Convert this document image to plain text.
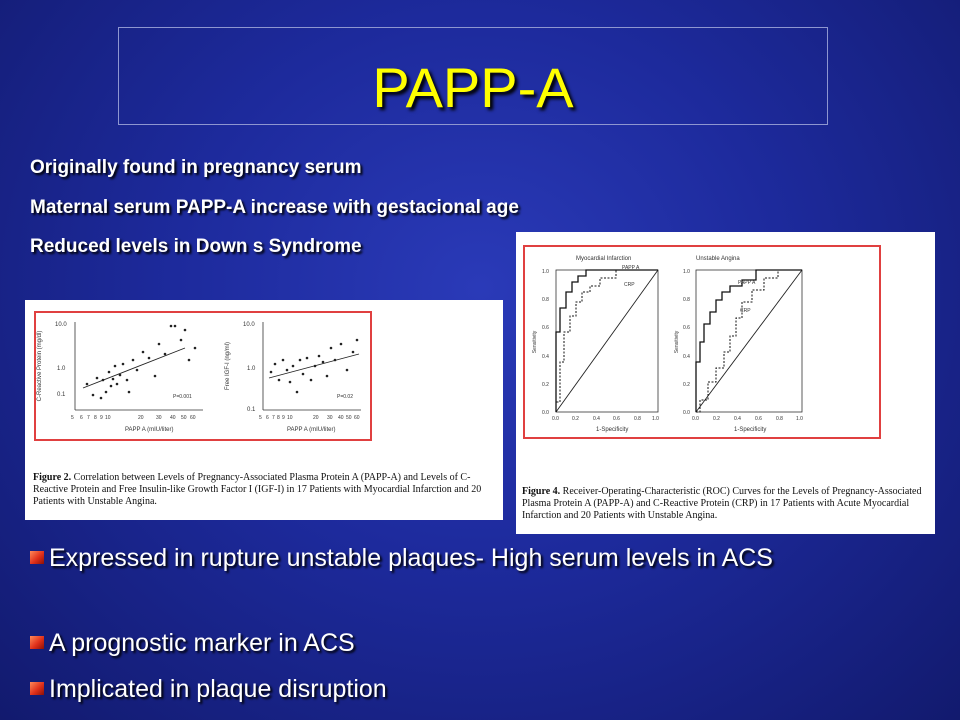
PAPP-A
Originally found in pregnancy serum
Maternal serum PAPP-A increase with gestacional age
Reduced levels in Down s Syndrome
C-Reactive Protein (mg/dl)
10.0
1.0
0.1
5 6 7 8 9 10	20 30 40 50 60
PAPP A (mIU/liter)
P=0.001
Free IGF-I (ng/ml)
10.0
1.0
0.1
5 6 7 8 9 10	20 30 40 50 60
PAPP A (mIU/liter)
P=0.02
Figure 2. Correlation between Levels of Pregnancy-Associated Plasma Protein A (PAPP-A) and Levels of C-Reactive Protein and Free Insulin-like Growth Factor I (IGF-I) in 17 Patients with Myocardial Infarction and 20 Patients with Unstable Angina.
Myocardial Infarction
Sensitivity
1-Specificity
0.0
0.2
0.4
0.6
0.8
1.0
0.0	0.2	0.4	0.6	0.8 1.0
PAPP A
CRP
Unstable Angina
Sensitivity
1-Specificity
0.0
0.2
0.4
0.6
0.8
1.0
0.0	0.2	0.4	0.6	0.8	1.0
PAPP A
CRP
Figure 4. Receiver-Operating-Characteristic (ROC) Curves for the Levels of Pregnancy-Associated Plasma Protein A (PAPP-A) and C-Reactive Protein (CRP) in 17 Patients with Acute Myocardial Infarction and 20 Patients with Unstable Angina.
Expressed in rupture unstable plaques- High serum levels in ACS
A prognostic marker in ACS
Implicated in plaque disruption
